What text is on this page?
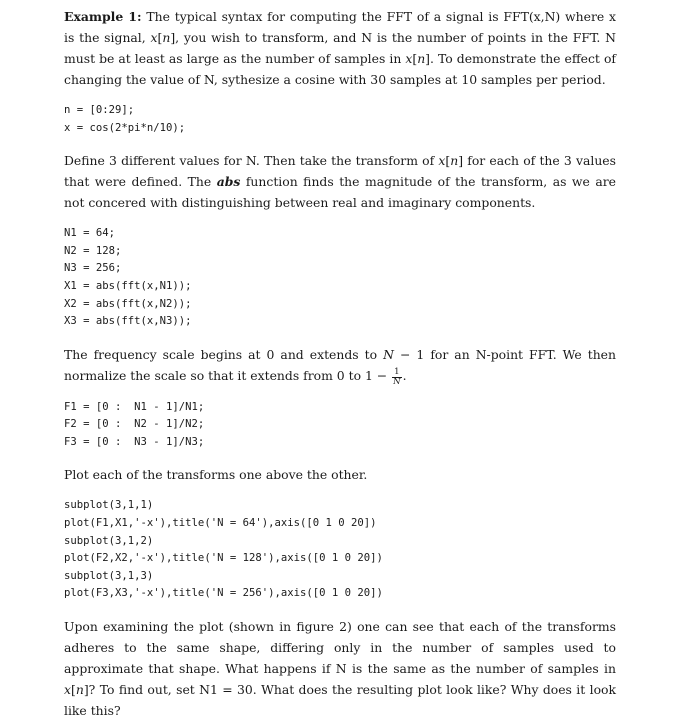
Example 1: The typical syntax for computing the FFT of a signal is FFT(x,N) where x is the signal, x[n], you wish to transform, and N is the number of points in the FFT. N must be at least as large as the number of samples in x[n]. To demonstrate the effect of changing the value of N, sythesize a cosine with 30 samples at 10 samples per period.

n = [0:29];
x = cos(2*pi*n/10);

Define 3 different values for N. Then take the transform of x[n] for each of the 3 values that were defined. The abs function finds the magnitude of the transform, as we are not concered with distinguishing between real and imaginary components.

N1 = 64;
N2 = 128;
N3 = 256;
X1 = abs(fft(x,N1));
X2 = abs(fft(x,N2));
X3 = abs(fft(x,N3));

The frequency scale begins at 0 and extends to N − 1 for an N-point FFT. We then normalize the scale so that it extends from 0 to $1 - \frac{1}{N}$ .

F1 = [0 :  N1 - 1]/N1;
F2 = [0 :  N2 - 1]/N2;
F3 = [0 :  N3 - 1]/N3;

Plot each of the transforms one above the other.

subplot(3,1,1)
plot(F1,X1,'-x'),title('N = 64'),axis([0 1 0 20])
subplot(3,1,2)
plot(F2,X2,'-x'),title('N = 128'),axis([0 1 0 20])
subplot(3,1,3)
plot(F3,X3,'-x'),title('N = 256'),axis([0 1 0 20])

Upon examining the plot (shown in figure 2) one can see that each of the transforms adheres to the same shape, differing only in the number of samples used to approximate that shape. What happens if N is the same as the number of samples in x[n]? To find out, set N1 = 30. What does the resulting plot look like? Why does it look like this?
